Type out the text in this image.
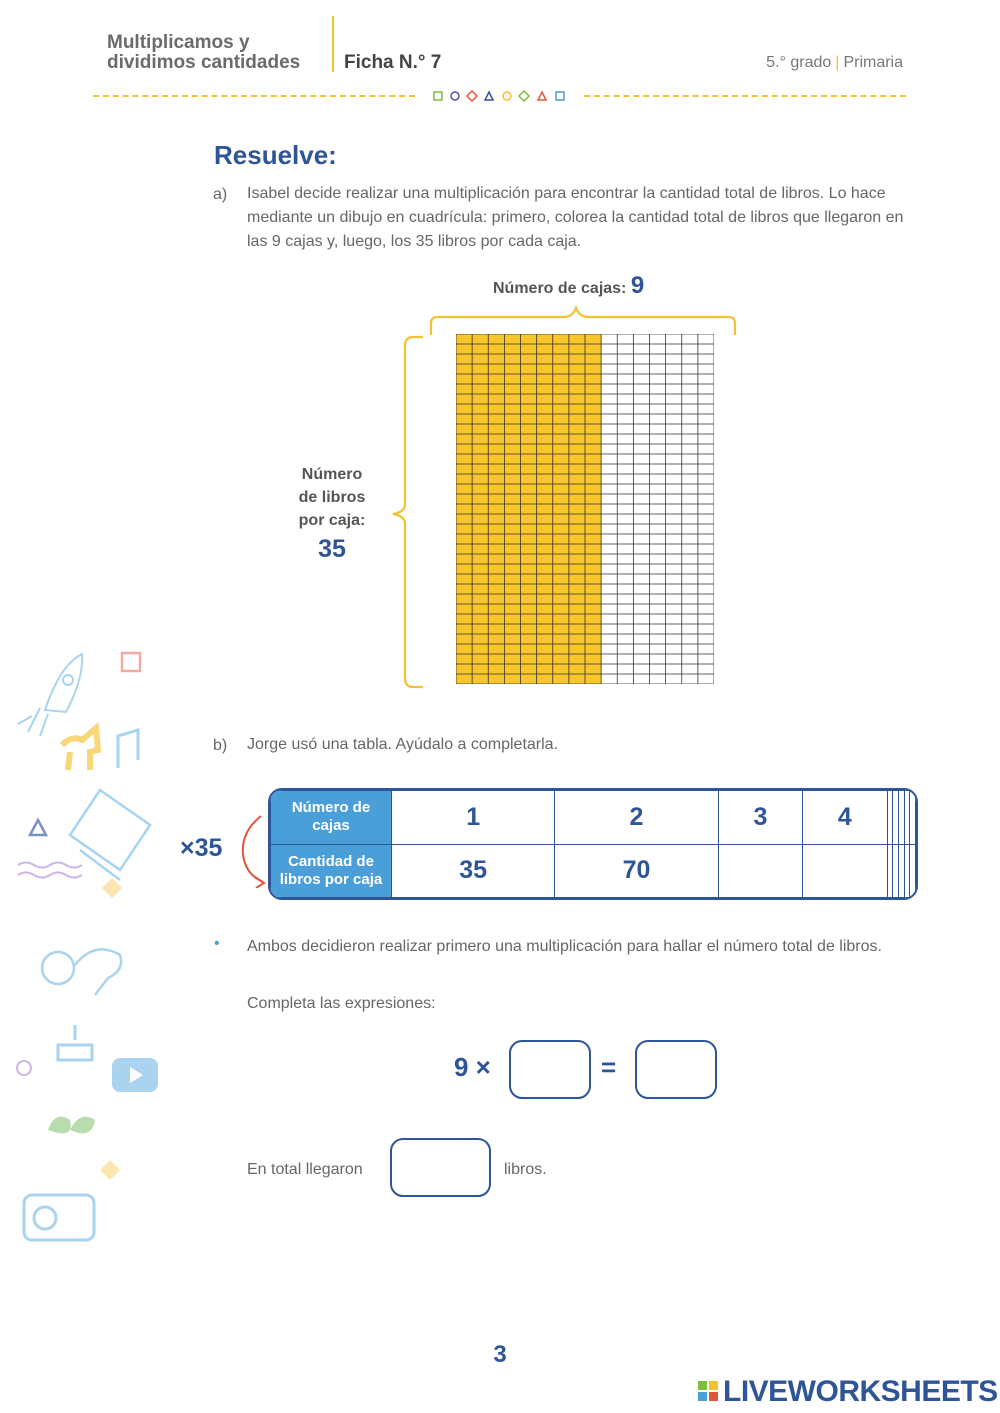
Multiplicamos y
dividimos cantidades Ficha N.° 7	5.° grado | Primaria
Resuelve:
a) Isabel decide realizar una multiplicación para encontrar la cantidad total de libros. Lo hace mediante un dibujo en cuadrícula: primero, colorea la cantidad total de libros que llegaron en las 9 cajas y, luego, los 35 libros por cada caja.
Número de cajas: 9
Número
de libros
por caja:
35
b) Jorge usó una tabla. Ayúdalo a completarla.
×35
Número de cajas	1	2	3	4					
Cantidad de libros por caja	35	70							
• Ambos decidieron realizar primero una multiplicación para hallar el número total de libros.
Completa las expresiones:
9 ×	=
En total llegaron	libros.
3
LIVEWORKSHEETS
